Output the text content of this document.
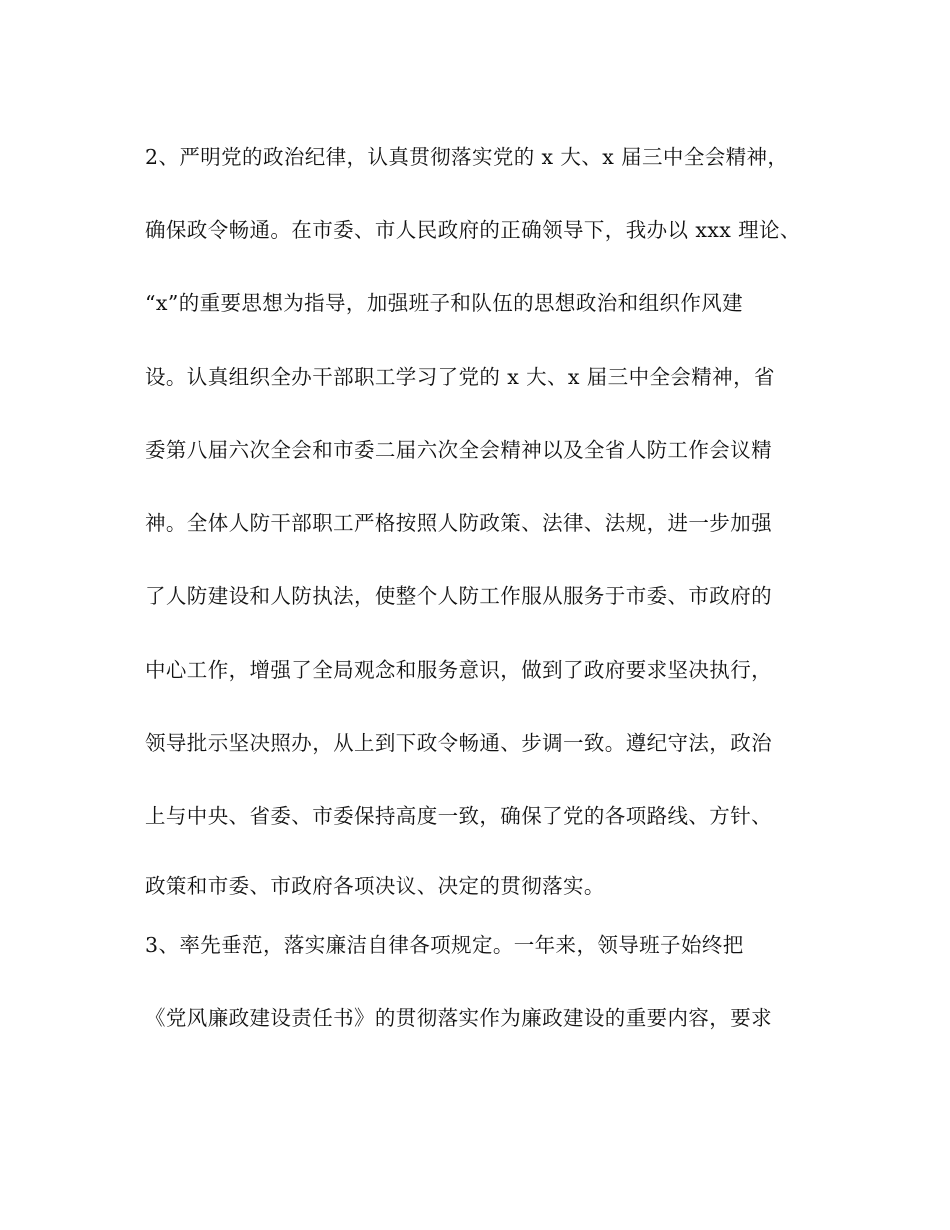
2、严明党的政治纪律，认真贯彻落实党的 x 大、x 届三中全会精神，
确保政令畅通。在市委、市人民政府的正确领导下，我办以 xxx 理论、
“x”的重要思想为指导，加强班子和队伍的思想政治和组织作风建
设。认真组织全办干部职工学习了党的 x 大、x 届三中全会精神，省
委第八届六次全会和市委二届六次全会精神以及全省人防工作会议精
神。全体人防干部职工严格按照人防政策、法律、法规，进一步加强
了人防建设和人防执法，使整个人防工作服从服务于市委、市政府的
中心工作，增强了全局观念和服务意识，做到了政府要求坚决执行，
领导批示坚决照办，从上到下政令畅通、步调一致。遵纪守法，政治
上与中央、省委、市委保持高度一致，确保了党的各项路线、方针、
政策和市委、市政府各项决议、决定的贯彻落实。
3、率先垂范，落实廉洁自律各项规定。一年来，领导班子始终把
《党风廉政建设责任书》的贯彻落实作为廉政建设的重要内容，要求
